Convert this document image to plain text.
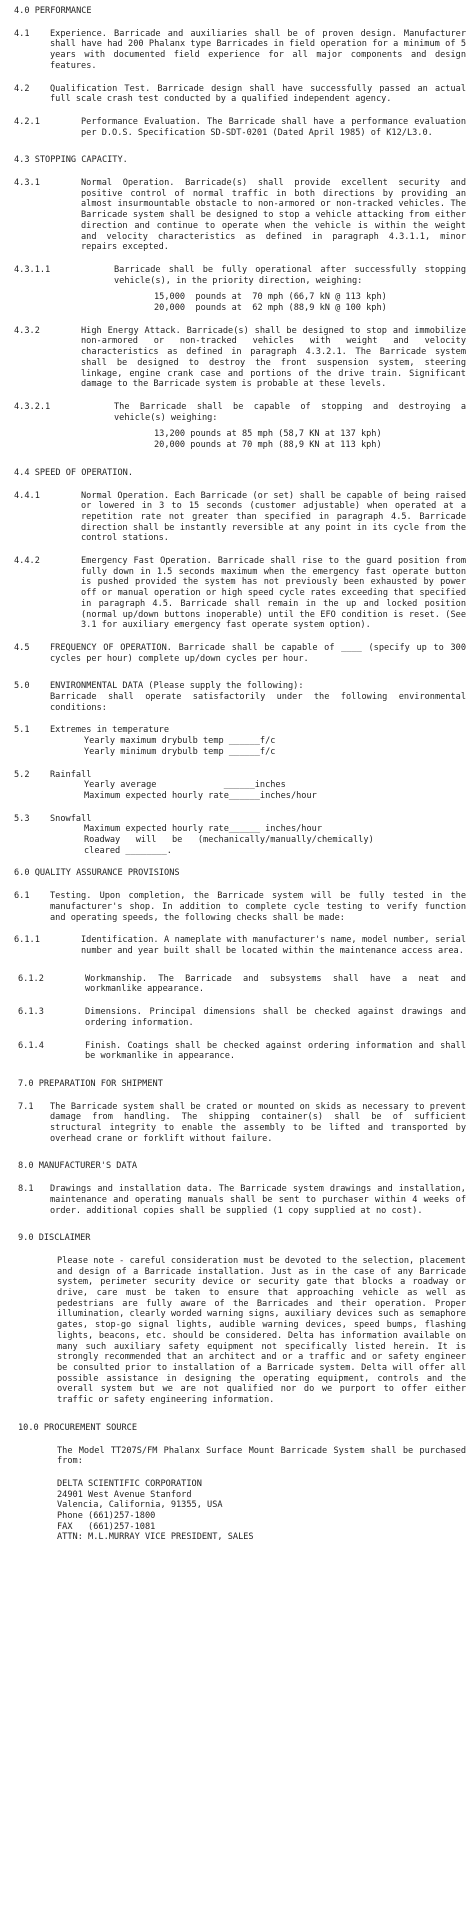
4.0 PERFORMANCE
4.1 Experience. Barricade and auxiliaries shall be of proven design. Manufacturer shall have had 200 Phalanx type Barricades in field operation for a minimum of 5 years with documented field experience for all major components and design features.
4.2 Qualification Test. Barricade design shall have successfully passed an actual full scale crash test conducted by a qualified independent agency.
4.2.1	Performance Evaluation. The Barricade shall have a performance evaluation per D.O.S. Specification SD-SDT-0201 (Dated April 1985) of K12/L3.0.
4.3 STOPPING CAPACITY.
4.3.1	Normal Operation. Barricade(s) shall provide excellent security and positive control of normal traffic in both directions by providing an almost insurmountable obstacle to non-armored or non-tracked vehicles. The Barricade system shall be designed to stop a vehicle attacking from either direction and continue to operate when the vehicle is within the weight and velocity characteristics as defined in paragraph 4.3.1.1, minor repairs excepted.
4.3.1.1	Barricade shall be fully operational after successfully stopping vehicle(s), in the priority direction, weighing:
15,000  pounds at  70 mph (66,7 kN @ 113 kph)
20,000  pounds at  62 mph (88,9 kN @ 100 kph)
4.3.2	High Energy Attack. Barricade(s) shall be designed to stop and immobilize non-armored or non-tracked vehicles with weight and velocity characteristics as defined in paragraph 4.3.2.1. The Barricade system shall be designed to destroy the front suspension system, steering linkage, engine crank case and portions of the drive train. Significant damage to the Barricade system is probable at these levels.
4.3.2.1	The Barricade shall be capable of stopping and destroying a vehicle(s) weighing:
13,200 pounds at 85 mph (58,7 KN at 137 kph)
20,000 pounds at 70 mph (88,9 KN at 113 kph)
4.4 SPEED OF OPERATION.
4.4.1	Normal Operation. Each Barricade (or set) shall be capable of being raised or lowered in 3 to 15 seconds (customer adjustable) when operated at a repetition rate not greater than specified in paragraph 4.5. Barricade direction shall be instantly reversible at any point in its cycle from the control stations.
4.4.2	Emergency Fast Operation. Barricade shall rise to the guard position from fully down in 1.5 seconds maximum when the emergency fast operate button is pushed provided the system has not previously been exhausted by power off or manual operation or high speed cycle rates exceeding that specified in paragraph 4.5. Barricade shall remain in the up and locked position (normal up/down buttons inoperable) until the EFO condition is reset. (See 3.1 for auxiliary emergency fast operate system option).
4.5 FREQUENCY OF OPERATION. Barricade shall be capable of ____ (specify up to 300 cycles per hour) complete up/down cycles per hour.
5.0 ENVIRONMENTAL DATA (Please supply the following):
Barricade shall operate satisfactorily under the following environmental conditions:
5.1 Extremes in temperature
Yearly maximum drybulb temp ______f/c
Yearly minimum drybulb temp ______f/c
5.2 Rainfall
Yearly average             ______inches
Maximum expected hourly rate______inches/hour
5.3 Snowfall
Maximum expected hourly rate______ inches/hour
Roadway   will   be   (mechanically/manually/chemically)
cleared ________.
6.0 QUALITY ASSURANCE PROVISIONS
6.1 Testing. Upon completion, the Barricade system will be fully tested in the manufacturer's shop. In addition to complete cycle testing to verify function and operating speeds, the following checks shall be made:
6.1.1	Identification. A nameplate with manufacturer's name, model number, serial number and year built shall be located within the maintenance access area.
6.1.2	Workmanship. The Barricade and subsystems shall have a neat and workmanlike appearance.
6.1.3	Dimensions. Principal dimensions shall be checked against drawings and ordering information.
6.1.4	Finish. Coatings shall be checked against ordering information and shall be workmanlike in appearance.
7.0 PREPARATION FOR SHIPMENT
7.1 The Barricade system shall be crated or mounted on skids as necessary to prevent damage from handling. The shipping container(s) shall be of sufficient structural integrity to enable the assembly to be lifted and transported by overhead crane or forklift without failure.
8.0 MANUFACTURER'S DATA
8.1 Drawings and installation data. The Barricade system drawings and installation, maintenance and operating manuals shall be sent to purchaser within 4 weeks of order. additional copies shall be supplied (1 copy supplied at no cost).
9.0 DISCLAIMER
Please note - careful consideration must be devoted to the selection, placement and design of a Barricade installation. Just as in the case of any Barricade system, perimeter security device or security gate that blocks a roadway or drive, care must be taken to ensure that approaching vehicle as well as pedestrians are fully aware of the Barricades and their operation. Proper illumination, clearly worded warning signs, auxiliary devices such as semaphore gates, stop-go signal lights, audible warning devices, speed bumps, flashing lights, beacons, etc. should be considered. Delta has information available on many such auxiliary safety equipment not specifically listed herein. It is strongly recommended that an architect and or a traffic and or safety engineer be consulted prior to installation of a Barricade system. Delta will offer all possible assistance in designing the operating equipment, controls and the overall system but we are not qualified nor do we purport to offer either traffic or safety engineering information.
10.0 PROCUREMENT SOURCE
The Model TT207S/FM Phalanx Surface Mount Barricade System shall be purchased from:
DELTA SCIENTIFIC CORPORATION
24901 West Avenue Stanford
Valencia, California, 91355, USA
Phone (661)257-1800
FAX   (661)257-1081
ATTN: M.L.MURRAY VICE PRESIDENT, SALES
